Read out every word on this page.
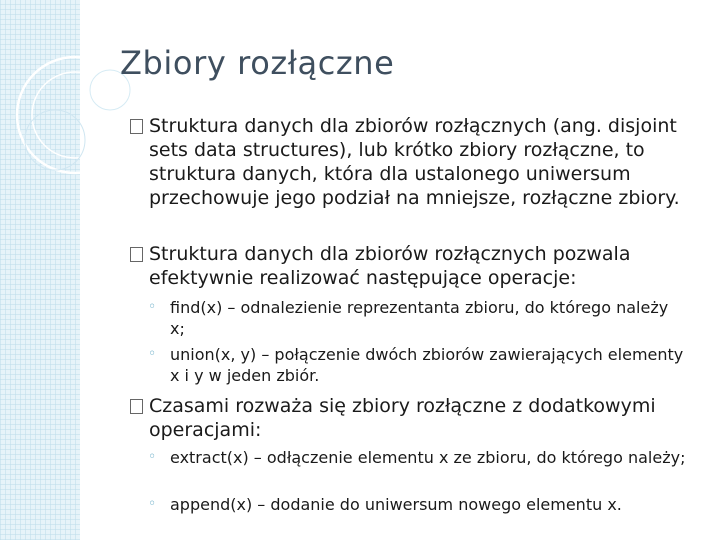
Zbiory rozłączne
Struktura danych dla zbiorów rozłącznych (ang. disjoint sets data structures), lub krótko zbiory rozłączne, to struktura danych, która dla ustalonego uniwersum przechowuje jego podział na mniejsze, rozłączne zbiory.
Struktura danych dla zbiorów rozłącznych pozwala efektywnie realizować następujące operacje:
◦ find(x) – odnalezienie reprezentanta zbioru, do którego należy x;
◦ union(x, y) – połączenie dwóch zbiorów zawierających elementy x i y w jeden zbiór.
Czasami rozważa się zbiory rozłączne z dodatkowymi operacjami:
◦ extract(x) – odłączenie elementu x ze zbioru, do którego należy;
◦ append(x) – dodanie do uniwersum nowego elementu x.
